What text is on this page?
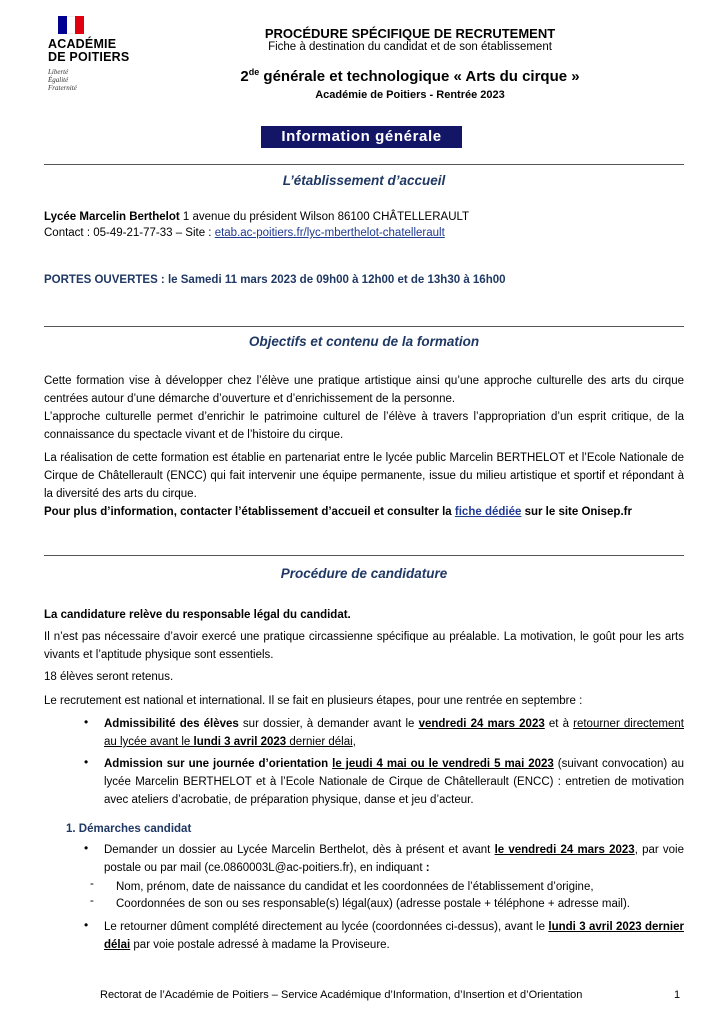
ACADÉMIE
DE POITIERS
Liberté
Égalité
Fraternité
PROCÉDURE SPÉCIFIQUE DE RECRUTEMENT
Fiche à destination du candidat et de son établissement
2de générale et technologique « Arts du cirque »
Académie de Poitiers - Rentrée 2023
Information générale
L’établissement d’accueil
Lycée Marcelin Berthelot 1 avenue du président Wilson 86100 CHÂTELLERAULT
Contact : 05-49-21-77-33 – Site : etab.ac-poitiers.fr/lyc-mberthelot-chatellerault
PORTES OUVERTES : le Samedi 11 mars 2023 de 09h00 à 12h00 et de 13h30 à 16h00
Objectifs et contenu de la formation
Cette formation vise à développer chez l’élève une pratique artistique ainsi qu’une approche culturelle des arts du cirque centrées autour d’une démarche d’ouverture et d’enrichissement de la personne.
L’approche culturelle permet d’enrichir le patrimoine culturel de l’élève à travers l’appropriation d’un esprit critique, de la connaissance du spectacle vivant et de l’histoire du cirque.
La réalisation de cette formation est établie en partenariat entre le lycée public Marcelin BERTHELOT et l’Ecole Nationale de Cirque de Châtellerault (ENCC) qui fait intervenir une équipe permanente, issue du milieu artistique et sportif et répondant à la diversité des arts du cirque.
Pour plus d’information, contacter l’établissement d’accueil et consulter la fiche dédiée sur le site Onisep.fr
Procédure de candidature
La candidature relève du responsable légal du candidat.
Il n’est pas nécessaire d’avoir exercé une pratique circassienne spécifique au préalable. La motivation, le goût pour les arts vivants et l’aptitude physique sont essentiels.
18 élèves seront retenus.
Le recrutement est national et international. Il se fait en plusieurs étapes, pour une rentrée en septembre :
• Admissibilité des élèves sur dossier, à demander avant le vendredi 24 mars 2023 et à retourner directement au lycée avant le lundi 3 avril 2023 dernier délai,
• Admission sur une journée d’orientation le jeudi 4 mai ou le vendredi 5 mai 2023 (suivant convocation) au lycée Marcelin BERTHELOT et à l’Ecole Nationale de Cirque de Châtellerault (ENCC) : entretien de motivation avec ateliers d’acrobatie, de préparation physique, danse et jeu d’acteur.
1. Démarches candidat
• Demander un dossier au Lycée Marcelin Berthelot, dès à présent et avant le vendredi 24 mars 2023, par voie postale ou par mail (ce.0860003L@ac-poitiers.fr), en indiquant :
- Nom, prénom, date de naissance du candidat et les coordonnées de l’établissement d’origine,
- Coordonnées de son ou ses responsable(s) légal(aux) (adresse postale + téléphone + adresse mail).
• Le retourner dûment complété directement au lycée (coordonnées ci-dessus), avant le lundi 3 avril 2023 dernier délai par voie postale adressé à madame la Proviseure.
Rectorat de l’Académie de Poitiers – Service Académique d’Information, d’Insertion et d’Orientation	1
